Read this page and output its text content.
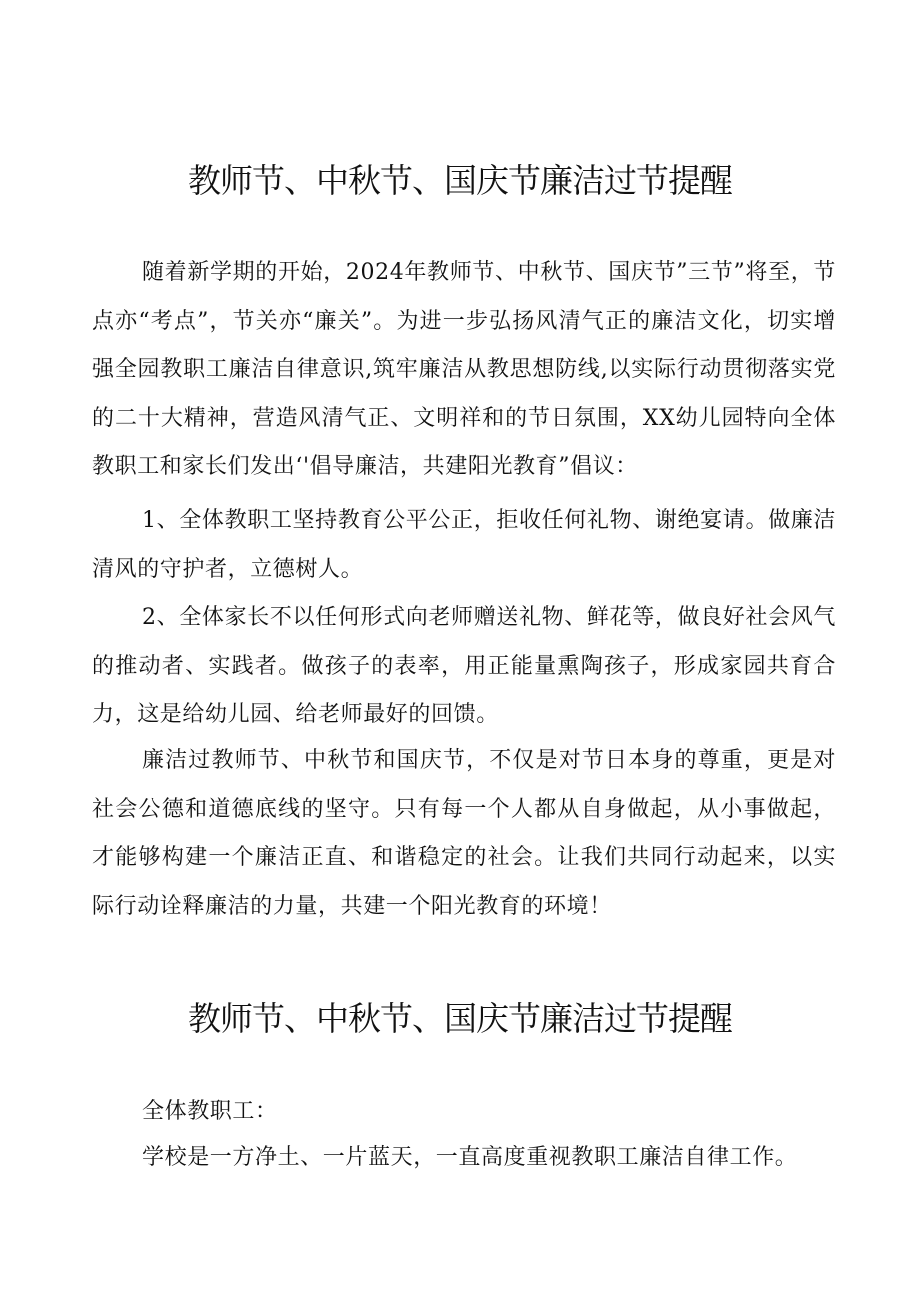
教师节、中秋节、国庆节廉洁过节提醒

随着新学期的开始，2024年教师节、中秋节、国庆节”三节”将至，节点亦“考点”，节关亦“廉关”。为进一步弘扬风清气正的廉洁文化，切实增强全园教职工廉洁自律意识,筑牢廉洁从教思想防线,以实际行动贯彻落实党的二十大精神，营造风清气正、文明祥和的节日氛围，XX幼儿园特向全体教职工和家长们发出‘'倡导廉洁，共建阳光教育”倡议：

1、全体教职工坚持教育公平公正，拒收任何礼物、谢绝宴请。做廉洁清风的守护者，立德树人。

2、全体家长不以任何形式向老师赠送礼物、鲜花等，做良好社会风气的推动者、实践者。做孩子的表率，用正能量熏陶孩子，形成家园共育合力，这是给幼儿园、给老师最好的回馈。

廉洁过教师节、中秋节和国庆节，不仅是对节日本身的尊重，更是对社会公德和道德底线的坚守。只有每一个人都从自身做起，从小事做起，才能够构建一个廉洁正直、和谐稳定的社会。让我们共同行动起来，以实际行动诠释廉洁的力量，共建一个阳光教育的环境！

教师节、中秋节、国庆节廉洁过节提醒

全体教职工：

学校是一方净土、一片蓝天，一直高度重视教职工廉洁自律工作。
